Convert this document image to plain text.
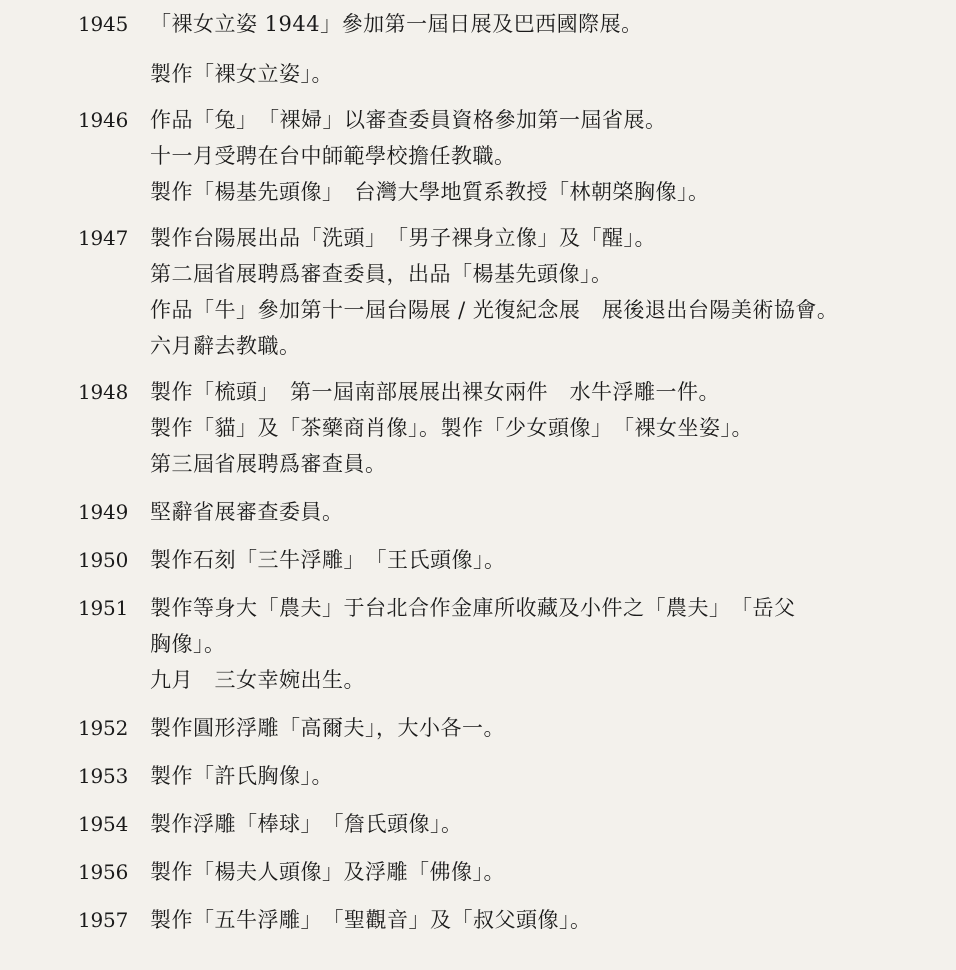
1945	「裸女立姿 1944」參加第一屆日展及巴西國際展。
製作「裸女立姿」。
1946	作品「兔」　「裸婦」以審查委員資格參加第一屆省展。
十一月受聘在台中師範學校擔任教職。
製作「楊基先頭像」　台灣大學地質系教授「林朝棨胸像」。
1947	製作台陽展出品「洗頭」　「男子裸身立像」及「醒」。
第二屆省展聘爲審查委員，出品「楊基先頭像」。
作品「牛」參加第十一屆台陽展 / 光復紀念展　展後退出台陽美術協會。
六月辭去教職。
1948	製作「梳頭」　第一屆南部展展出裸女兩件　水牛浮雕一件。
製作「貓」及「茶藥商肖像」。製作「少女頭像」　「裸女坐姿」。
第三屆省展聘爲審查員。
1949	堅辭省展審查委員。
1950	製作石刻「三牛浮雕」　「王氏頭像」。
1951	製作等身大「農夫」于台北合作金庫所收藏及小件之「農夫」　「岳父
胸像」。
九月　三女幸婉出生。
1952	製作圓形浮雕「高爾夫」，大小各一。
1953	製作「許氏胸像」。
1954	製作浮雕「棒球」　「詹氏頭像」。
1956	製作「楊夫人頭像」及浮雕「佛像」。
1957	製作「五牛浮雕」　「聖觀音」及「叔父頭像」。
